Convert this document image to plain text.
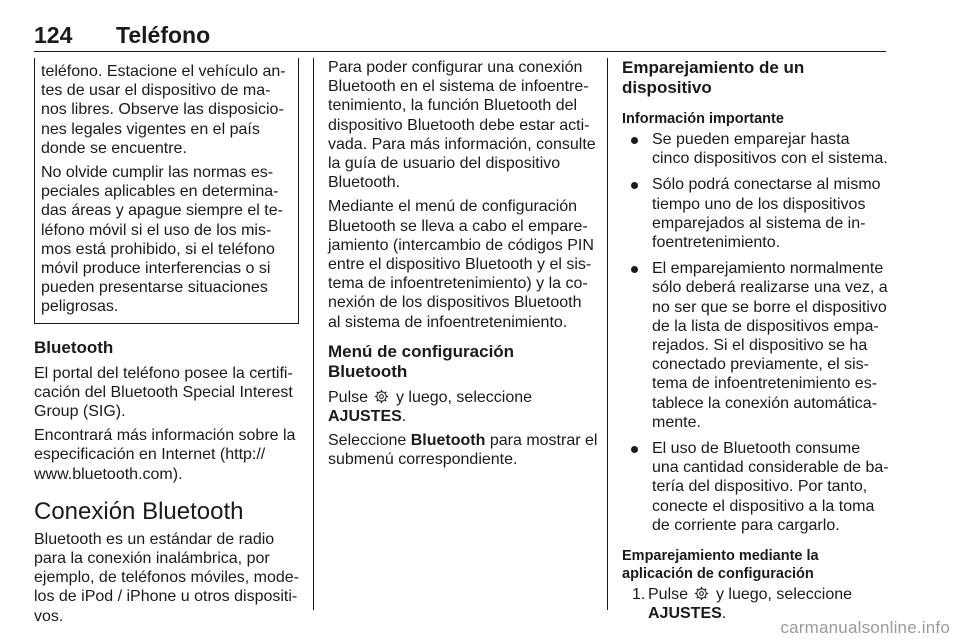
124 Teléfono
teléfono. Estacione el vehículo an-
tes de usar el dispositivo de ma-
nos libres. Observe las disposicio-
nes legales vigentes en el país
donde se encuentre.
No olvide cumplir las normas es-
peciales aplicables en determina-
das áreas y apague siempre el te-
léfono móvil si el uso de los mis-
mos está prohibido, si el teléfono
móvil produce interferencias o si
pueden presentarse situaciones
peligrosas.
Bluetooth
El portal del teléfono posee la certifi-
cación del Bluetooth Special Interest
Group (SIG).
Encontrará más información sobre la
especificación en Internet (http://
www.bluetooth.com).
Conexión Bluetooth
Bluetooth es un estándar de radio
para la conexión inalámbrica, por
ejemplo, de teléfonos móviles, mode-
los de iPod / iPhone u otros dispositi-
vos.
Para poder configurar una conexión
Bluetooth en el sistema de infoentre-
tenimiento, la función Bluetooth del
dispositivo Bluetooth debe estar acti-
vada. Para más información, consulte
la guía de usuario del dispositivo
Bluetooth.
Mediante el menú de configuración
Bluetooth se lleva a cabo el empare-
jamiento (intercambio de códigos PIN
entre el dispositivo Bluetooth y el sis-
tema de infoentretenimiento) y la co-
nexión de los dispositivos Bluetooth
al sistema de infoentretenimiento.
Menú de configuración Bluetooth
Pulse y luego, seleccione
AJUSTES.
Seleccione Bluetooth para mostrar el
submenú correspondiente.
Emparejamiento de un
dispositivo
Información importante
Se pueden emparejar hasta
cinco dispositivos con el sistema.
Sólo podrá conectarse al mismo
tiempo uno de los dispositivos
emparejados al sistema de in-
foentretenimiento.
El emparejamiento normalmente
sólo deberá realizarse una vez, a
no ser que se borre el dispositivo
de la lista de dispositivos empa-
rejados. Si el dispositivo se ha
conectado previamente, el sis-
tema de infoentretenimiento es-
tablece la conexión automática-
mente.
El uso de Bluetooth consume
una cantidad considerable de ba-
tería del dispositivo. Por tanto,
conecte el dispositivo a la toma
de corriente para cargarlo.
Emparejamiento mediante la
aplicación de configuración
1. Pulse y luego, seleccione
AJUSTES.
carmanualsonline.info
